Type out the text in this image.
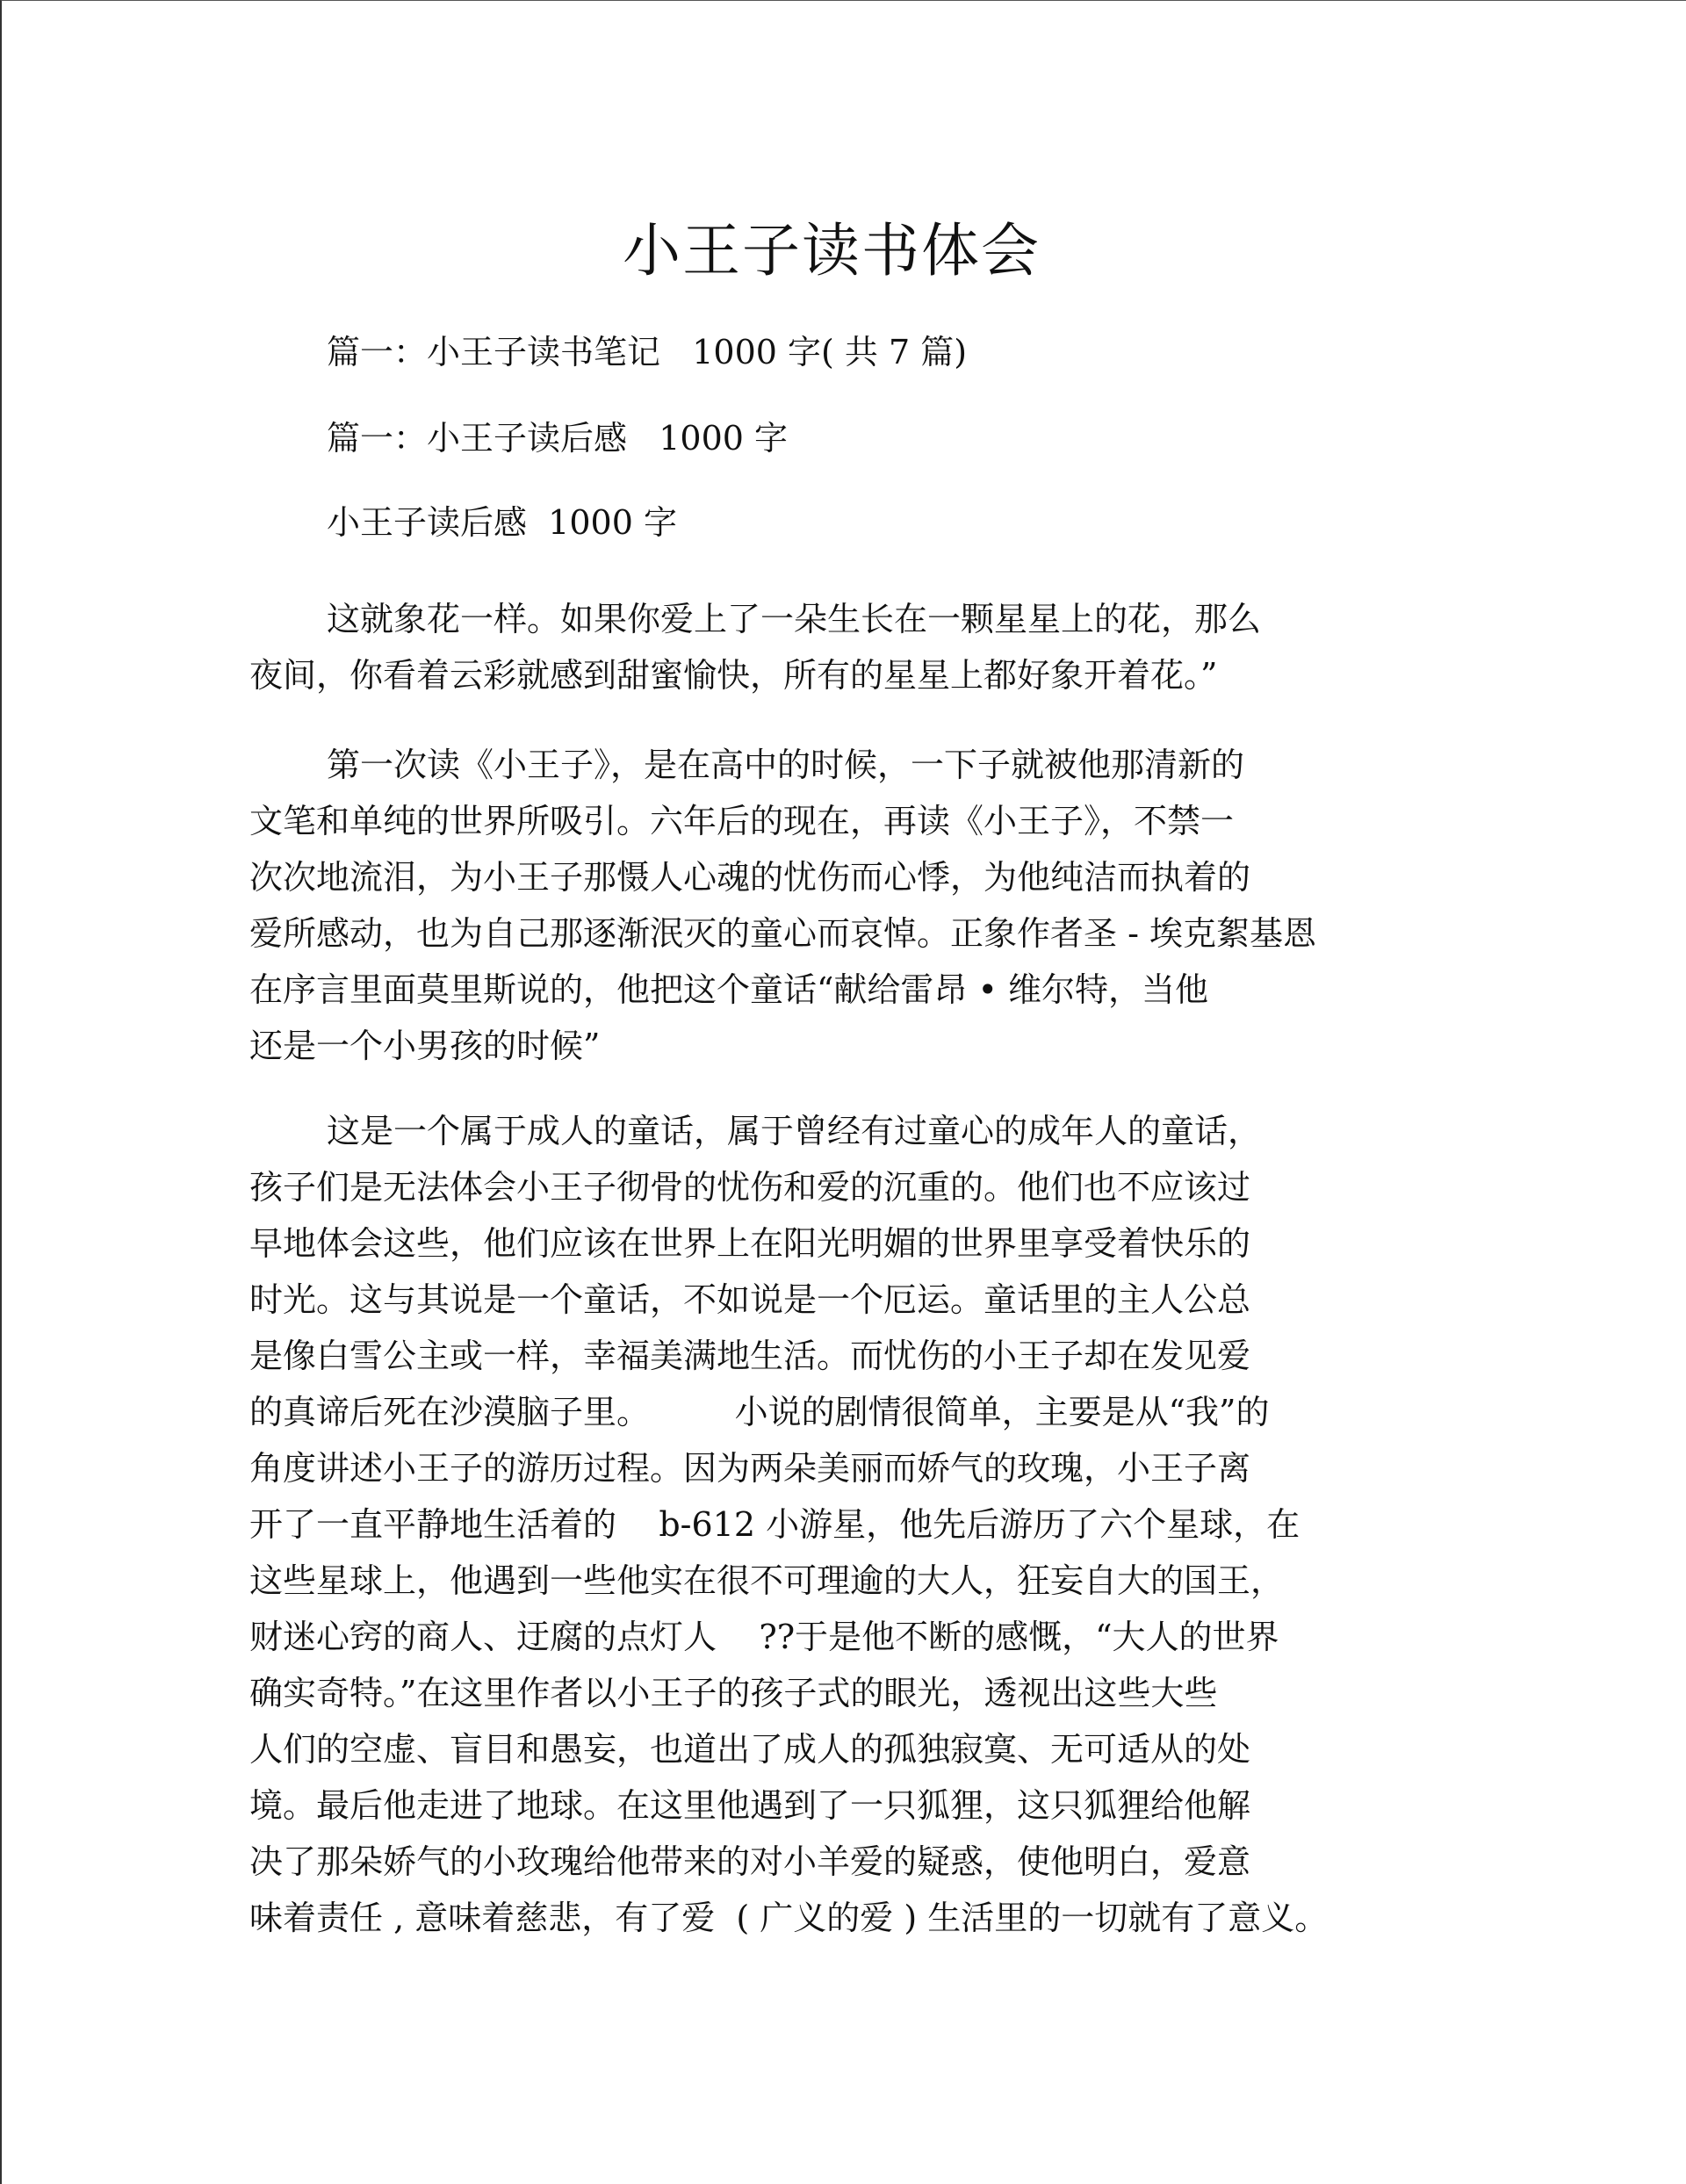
小王子读书体会
篇一：小王子读书笔记   1000 字( 共 7 篇)
篇一：小王子读后感   1000 字
小王子读后感  1000 字
这就象花一样。如果你爱上了一朵生长在一颗星星上的花，那么
夜间，你看着云彩就感到甜蜜愉快，所有的星星上都好象开着花。”
第一次读《小王子》，是在高中的时候，一下子就被他那清新的
文笔和单纯的世界所吸引。六年后的现在，再读《小王子》，不禁一
次次地流泪，为小王子那慑人心魂的忧伤而心悸，为他纯洁而执着的
爱所感动，也为自己那逐渐泯灭的童心而哀悼。正象作者圣 - 埃克絮基恩
在序言里面莫里斯说的，他把这个童话“献给雷昂 • 维尔特，当他
还是一个小男孩的时候”
这是一个属于成人的童话，属于曾经有过童心的成年人的童话，
孩子们是无法体会小王子彻骨的忧伤和爱的沉重的。他们也不应该过
早地体会这些，他们应该在世界上在阳光明媚的世界里享受着快乐的
时光。这与其说是一个童话，不如说是一个厄运。童话里的主人公总
是像白雪公主或一样，幸福美满地生活。而忧伤的小王子却在发见爱
的真谛后死在沙漠脑子里。        小说的剧情很简单，主要是从“我”的
角度讲述小王子的游历过程。因为两朵美丽而娇气的玫瑰，小王子离
开了一直平静地生活着的    b-612 小游星，他先后游历了六个星球，在
这些星球上，他遇到一些他实在很不可理逾的大人，狂妄自大的国王，
财迷心窍的商人、迂腐的点灯人    ??于是他不断的感慨，“大人的世界
确实奇特。”在这里作者以小王子的孩子式的眼光，透视出这些大些
人们的空虚、盲目和愚妄，也道出了成人的孤独寂寞、无可适从的处
境。最后他走进了地球。在这里他遇到了一只狐狸，这只狐狸给他解
决了那朵娇气的小玫瑰给他带来的对小羊爱的疑惑，使他明白，爱意
味着责任 , 意味着慈悲，有了爱  ( 广义的爱 ) 生活里的一切就有了意义。
